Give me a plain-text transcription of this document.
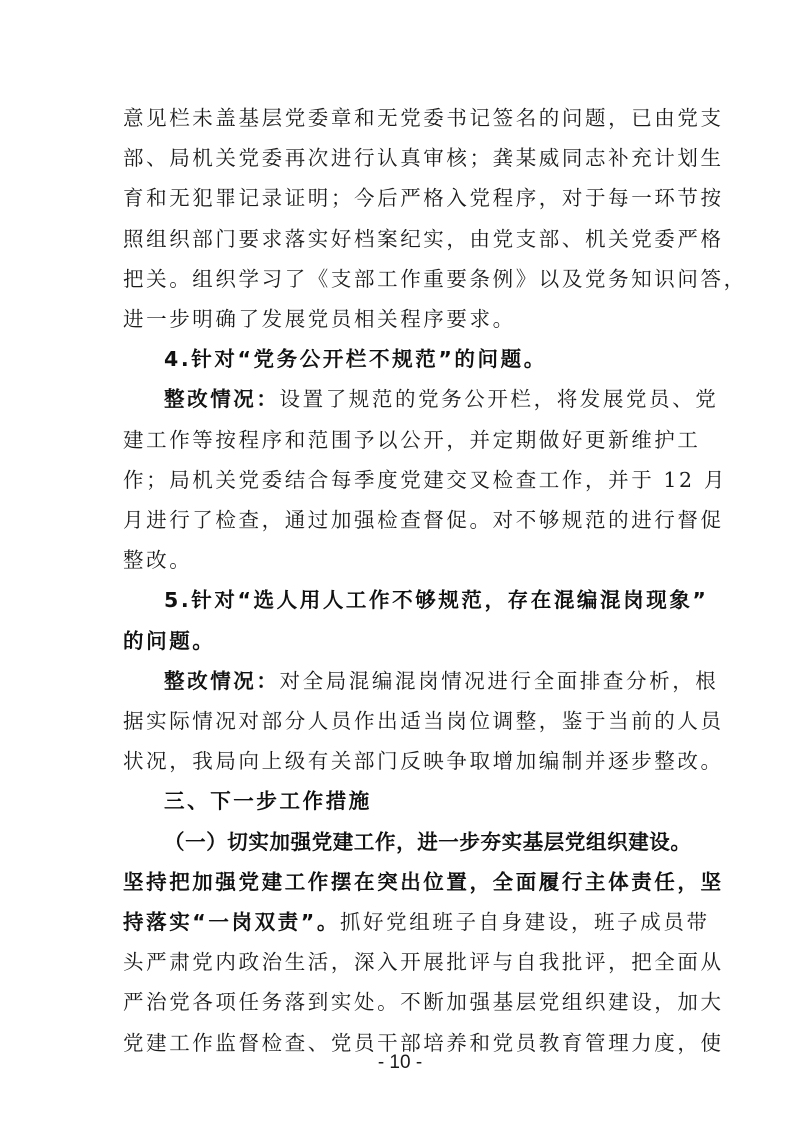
意见栏未盖基层党委章和无党委书记签名的问题，已由党支
部、局机关党委再次进行认真审核；龚某威同志补充计划生
育和无犯罪记录证明；今后严格入党程序，对于每一环节按
照组织部门要求落实好档案纪实，由党支部、机关党委严格
把关。组织学习了《支部工作重要条例》以及党务知识问答，
进一步明确了发展党员相关程序要求。
4.针对“党务公开栏不规范”的问题。
整改情况：设置了规范的党务公开栏，将发展党员、党
建工作等按程序和范围予以公开，并定期做好更新维护工
作；局机关党委结合每季度党建交叉检查工作，并于 12 月
月进行了检查，通过加强检查督促。对不够规范的进行督促
整改。
5.针对“选人用人工作不够规范，存在混编混岗现象”
的问题。
整改情况：对全局混编混岗情况进行全面排查分析，根
据实际情况对部分人员作出适当岗位调整，鉴于当前的人员
状况，我局向上级有关部门反映争取增加编制并逐步整改。
三、下一步工作措施
（一）切实加强党建工作，进一步夯实基层党组织建设。
坚持把加强党建工作摆在突出位置，全面履行主体责任，坚
持落实“一岗双责”。抓好党组班子自身建设，班子成员带
头严肃党内政治生活，深入开展批评与自我批评，把全面从
- 10 -
严治党各项任务落到实处。不断加强基层党组织建设，加大
党建工作监督检查、党员干部培养和党员教育管理力度，使
